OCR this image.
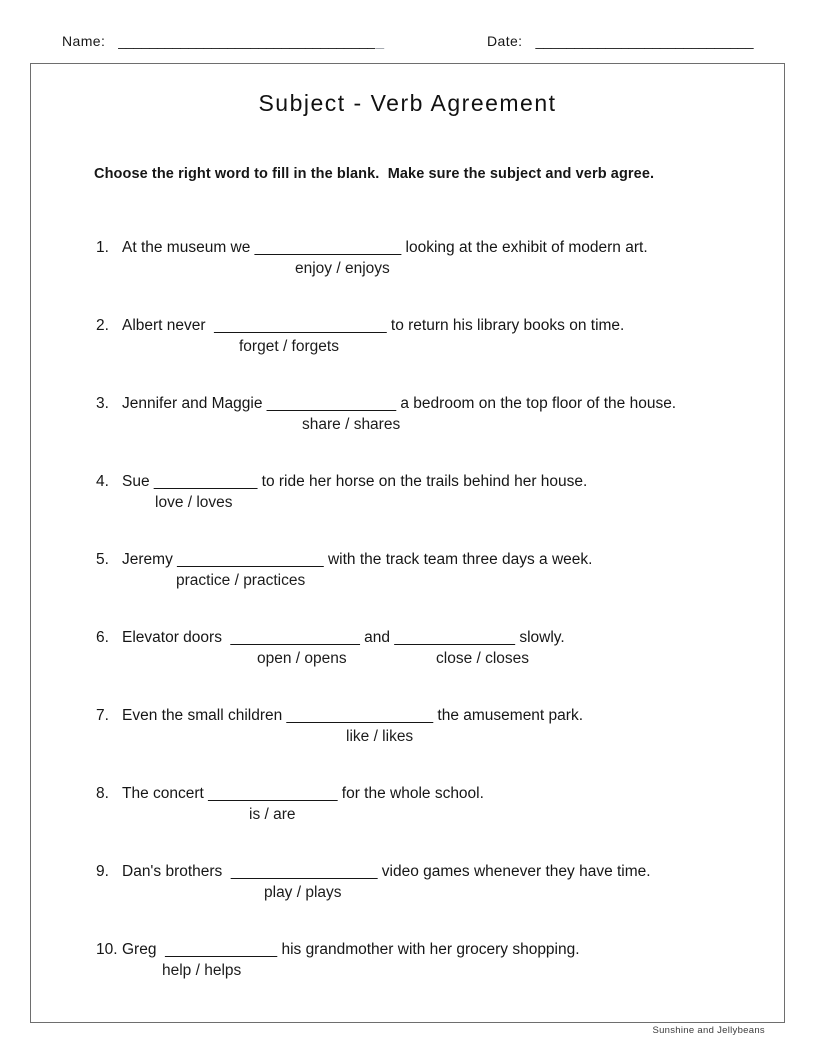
Name: __________________________________	Date: ____________________________
Subject - Verb Agreement
Choose the right word to fill in the blank.  Make sure the subject and verb agree.
1. At the museum we _________________ looking at the exhibit of modern art.
enjoy / enjoys
2. Albert never  ____________________ to return his library books on time.
forget / forgets
3. Jennifer and Maggie _______________ a bedroom on the top floor of the house.
share / shares
4. Sue ____________ to ride her horse on the trails behind her house.
love / loves
5. Jeremy _________________ with the track team three days a week.
practice / practices
6. Elevator doors  _______________ and ______________ slowly.
open / opens	close / closes
7. Even the small children _________________ the amusement park.
like / likes
8. The concert _______________ for the whole school.
is / are
9. Dan's brothers  _________________ video games whenever they have time.
play / plays
10. Greg  _____________ his grandmother with her grocery shopping.
help / helps
Sunshine and Jellybeans
